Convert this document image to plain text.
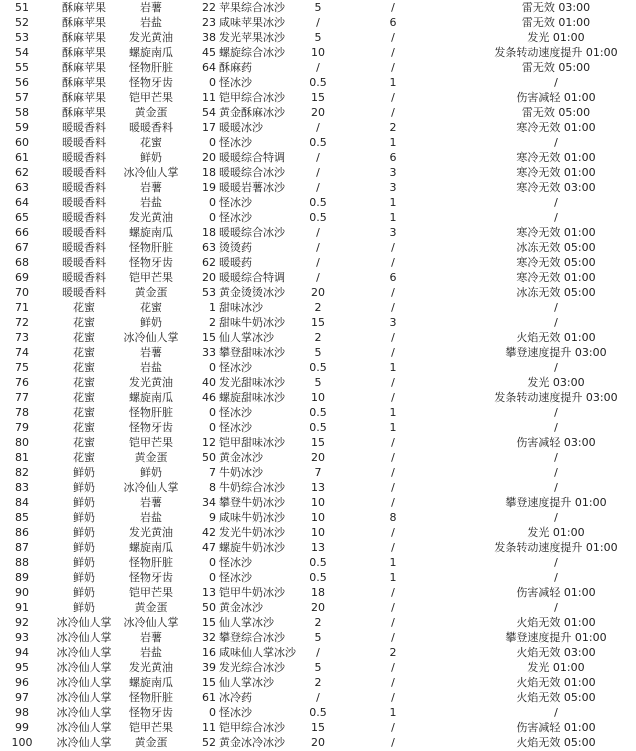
51	酥麻苹果	岩薯	22 苹果综合冰沙	5	/	雷无效 03:00
52	酥麻苹果	岩盐	23 咸味苹果冰沙	/	6	雷无效 01:00
53	酥麻苹果	发光黄油	38 发光苹果冰沙	5	/	发光 01:00
54	酥麻苹果	螺旋南瓜	45 螺旋综合冰沙	10	/	发条转动速度提升 01:00
55	酥麻苹果	怪物肝脏	64 酥麻药	/	/	雷无效 05:00
56	酥麻苹果	怪物牙齿	0 怪冰沙	0.5	1	/
57	酥麻苹果	铠甲芒果	11 铠甲综合冰沙	15	/	伤害减轻 01:00
58	酥麻苹果	黄金蛋	54 黄金酥麻冰沙	20	/	雷无效 05:00
59	暖暖香料	暖暖香料	17 暖暖冰沙	/	2	寒冷无效 01:00
60	暖暖香料	花蜜	0 怪冰沙	0.5	1	/
61	暖暖香料	鲜奶	20 暖暖综合特调	/	6	寒冷无效 01:00
62	暖暖香料	冰冷仙人掌	18 暖暖综合冰沙	/	3	寒冷无效 01:00
63	暖暖香料	岩薯	19 暖暖岩薯冰沙	/	3	寒冷无效 03:00
64	暖暖香料	岩盐	0 怪冰沙	0.5	1	/
65	暖暖香料	发光黄油	0 怪冰沙	0.5	1	/
66	暖暖香料	螺旋南瓜	18 暖暖综合冰沙	/	3	寒冷无效 01:00
67	暖暖香料	怪物肝脏	63 烫烫药	/	/	冰冻无效 05:00
68	暖暖香料	怪物牙齿	62 暖暖药	/	/	寒冷无效 05:00
69	暖暖香料	铠甲芒果	20 暖暖综合特调	/	6	寒冷无效 01:00
70	暖暖香料	黄金蛋	53 黄金烫烫冰沙	20	/	冰冻无效 05:00
71	花蜜	花蜜	1 甜味冰沙	2	/	/
72	花蜜	鲜奶	2 甜味牛奶冰沙	15	3	/
73	花蜜	冰冷仙人掌	15 仙人掌冰沙	2	/	火焰无效 01:00
74	花蜜	岩薯	33 攀登甜味冰沙	5	/	攀登速度提升 03:00
75	花蜜	岩盐	0 怪冰沙	0.5	1	/
76	花蜜	发光黄油	40 发光甜味冰沙	5	/	发光 03:00
77	花蜜	螺旋南瓜	46 螺旋甜味冰沙	10	/	发条转动速度提升 03:00
78	花蜜	怪物肝脏	0 怪冰沙	0.5	1	/
79	花蜜	怪物牙齿	0 怪冰沙	0.5	1	/
80	花蜜	铠甲芒果	12 铠甲甜味冰沙	15	/	伤害减轻 03:00
81	花蜜	黄金蛋	50 黄金冰沙	20	/	/
82	鲜奶	鲜奶	7 牛奶冰沙	7	/	/
83	鲜奶	冰冷仙人掌	8 牛奶综合冰沙	13	/	/
84	鲜奶	岩薯	34 攀登牛奶冰沙	10	/	攀登速度提升 01:00
85	鲜奶	岩盐	9 咸味牛奶冰沙	10	8	/
86	鲜奶	发光黄油	42 发光牛奶冰沙	10	/	发光 01:00
87	鲜奶	螺旋南瓜	47 螺旋牛奶冰沙	13	/	发条转动速度提升 01:00
88	鲜奶	怪物肝脏	0 怪冰沙	0.5	1	/
89	鲜奶	怪物牙齿	0 怪冰沙	0.5	1	/
90	鲜奶	铠甲芒果	13 铠甲牛奶冰沙	18	/	伤害减轻 01:00
91	鲜奶	黄金蛋	50 黄金冰沙	20	/	/
92	冰冷仙人掌	冰冷仙人掌	15 仙人掌冰沙	2	/	火焰无效 01:00
93	冰冷仙人掌	岩薯	32 攀登综合冰沙	5	/	攀登速度提升 01:00
94	冰冷仙人掌	岩盐	16 咸味仙人掌冰沙	/	2	火焰无效 03:00
95	冰冷仙人掌	发光黄油	39 发光综合冰沙	5	/	发光 01:00
96	冰冷仙人掌	螺旋南瓜	15 仙人掌冰沙	2	/	火焰无效 01:00
97	冰冷仙人掌	怪物肝脏	61 冰冷药	/	/	火焰无效 05:00
98	冰冷仙人掌	怪物牙齿	0 怪冰沙	0.5	1	/
99	冰冷仙人掌	铠甲芒果	11 铠甲综合冰沙	15	/	伤害减轻 01:00
100	冰冷仙人掌	黄金蛋	52 黄金冰冷冰沙	20	/	火焰无效 05:00
